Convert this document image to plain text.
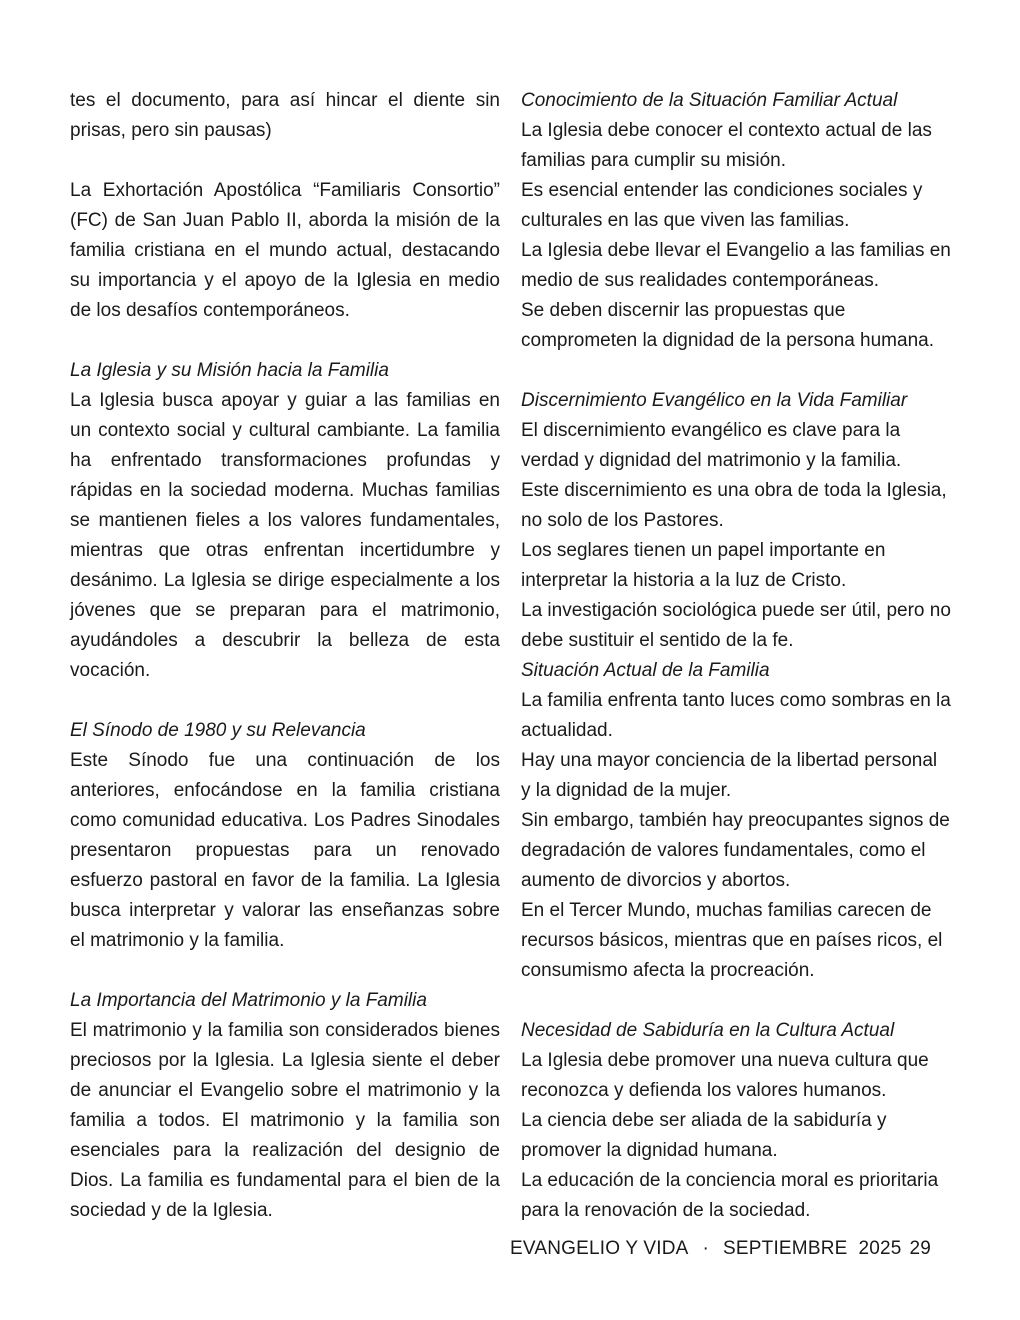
tes el documento, para así hincar el diente sin prisas, pero sin pausas)

La Exhortación Apostólica “Familiaris Consortio” (FC) de San Juan Pablo II, aborda la misión de la familia cristiana en el mundo actual, destacando su importancia y el apoyo de la Iglesia en medio de los desafíos contemporáneos.

La Iglesia y su Misión hacia la Familia

La Iglesia busca apoyar y guiar a las familias en un contexto social y cultural cambiante. La familia ha enfrentado transformaciones profundas y rápidas en la sociedad moderna. Muchas familias se mantienen fieles a los valores fundamentales, mientras que otras enfrentan incertidumbre y desánimo. La Iglesia se dirige especialmente a los jóvenes que se preparan para el matrimonio, ayudándoles a descubrir la belleza de esta vocación.

El Sínodo de 1980 y su Relevancia

Este Sínodo fue una continuación de los anteriores, enfocándose en la familia cristiana como comunidad educativa. Los Padres Sinodales presentaron propuestas para un renovado esfuerzo pastoral en favor de la familia. La Iglesia busca interpretar y valorar las enseñanzas sobre el matrimonio y la familia.

La Importancia del Matrimonio y la Familia

El matrimonio y la familia son considerados bienes preciosos por la Iglesia. La Iglesia siente el deber de anunciar el Evangelio sobre el matrimonio y la familia a todos. El matrimonio y la familia son esenciales para la realización del designio de Dios. La familia es fundamental para el bien de la sociedad y de la Iglesia.

Conocimiento de la Situación Familiar Actual

La Iglesia debe conocer el contexto actual de las familias para cumplir su misión.

Es esencial entender las condiciones sociales y culturales en las que viven las familias.

La Iglesia debe llevar el Evangelio a las familias en medio de sus realidades contemporáneas.

Se deben discernir las propuestas que comprometen la dignidad de la persona humana.

Discernimiento Evangélico en la Vida Familiar

El discernimiento evangélico es clave para la verdad y dignidad del matrimonio y la familia.

Este discernimiento es una obra de toda la Iglesia, no solo de los Pastores.

Los seglares tienen un papel importante en interpretar la historia a la luz de Cristo.

La investigación sociológica puede ser útil, pero no debe sustituir el sentido de la fe.

Situación Actual de la Familia

La familia enfrenta tanto luces como sombras en la actualidad.

Hay una mayor conciencia de la libertad personal y la dignidad de la mujer.

Sin embargo, también hay preocupantes signos de degradación de valores fundamentales, como el aumento de divorcios y abortos.

En el Tercer Mundo, muchas familias carecen de recursos básicos, mientras que en países ricos, el consumismo afecta la procreación.

Necesidad de Sabiduría en la Cultura Actual

La Iglesia debe promover una nueva cultura que reconozca y defienda los valores humanos.

La ciencia debe ser aliada de la sabiduría y promover la dignidad humana.

La educación de la conciencia moral es prioritaria para la renovación de la sociedad.

EVANGELIO Y VIDA · SEPTIEMBRE  2025 29
